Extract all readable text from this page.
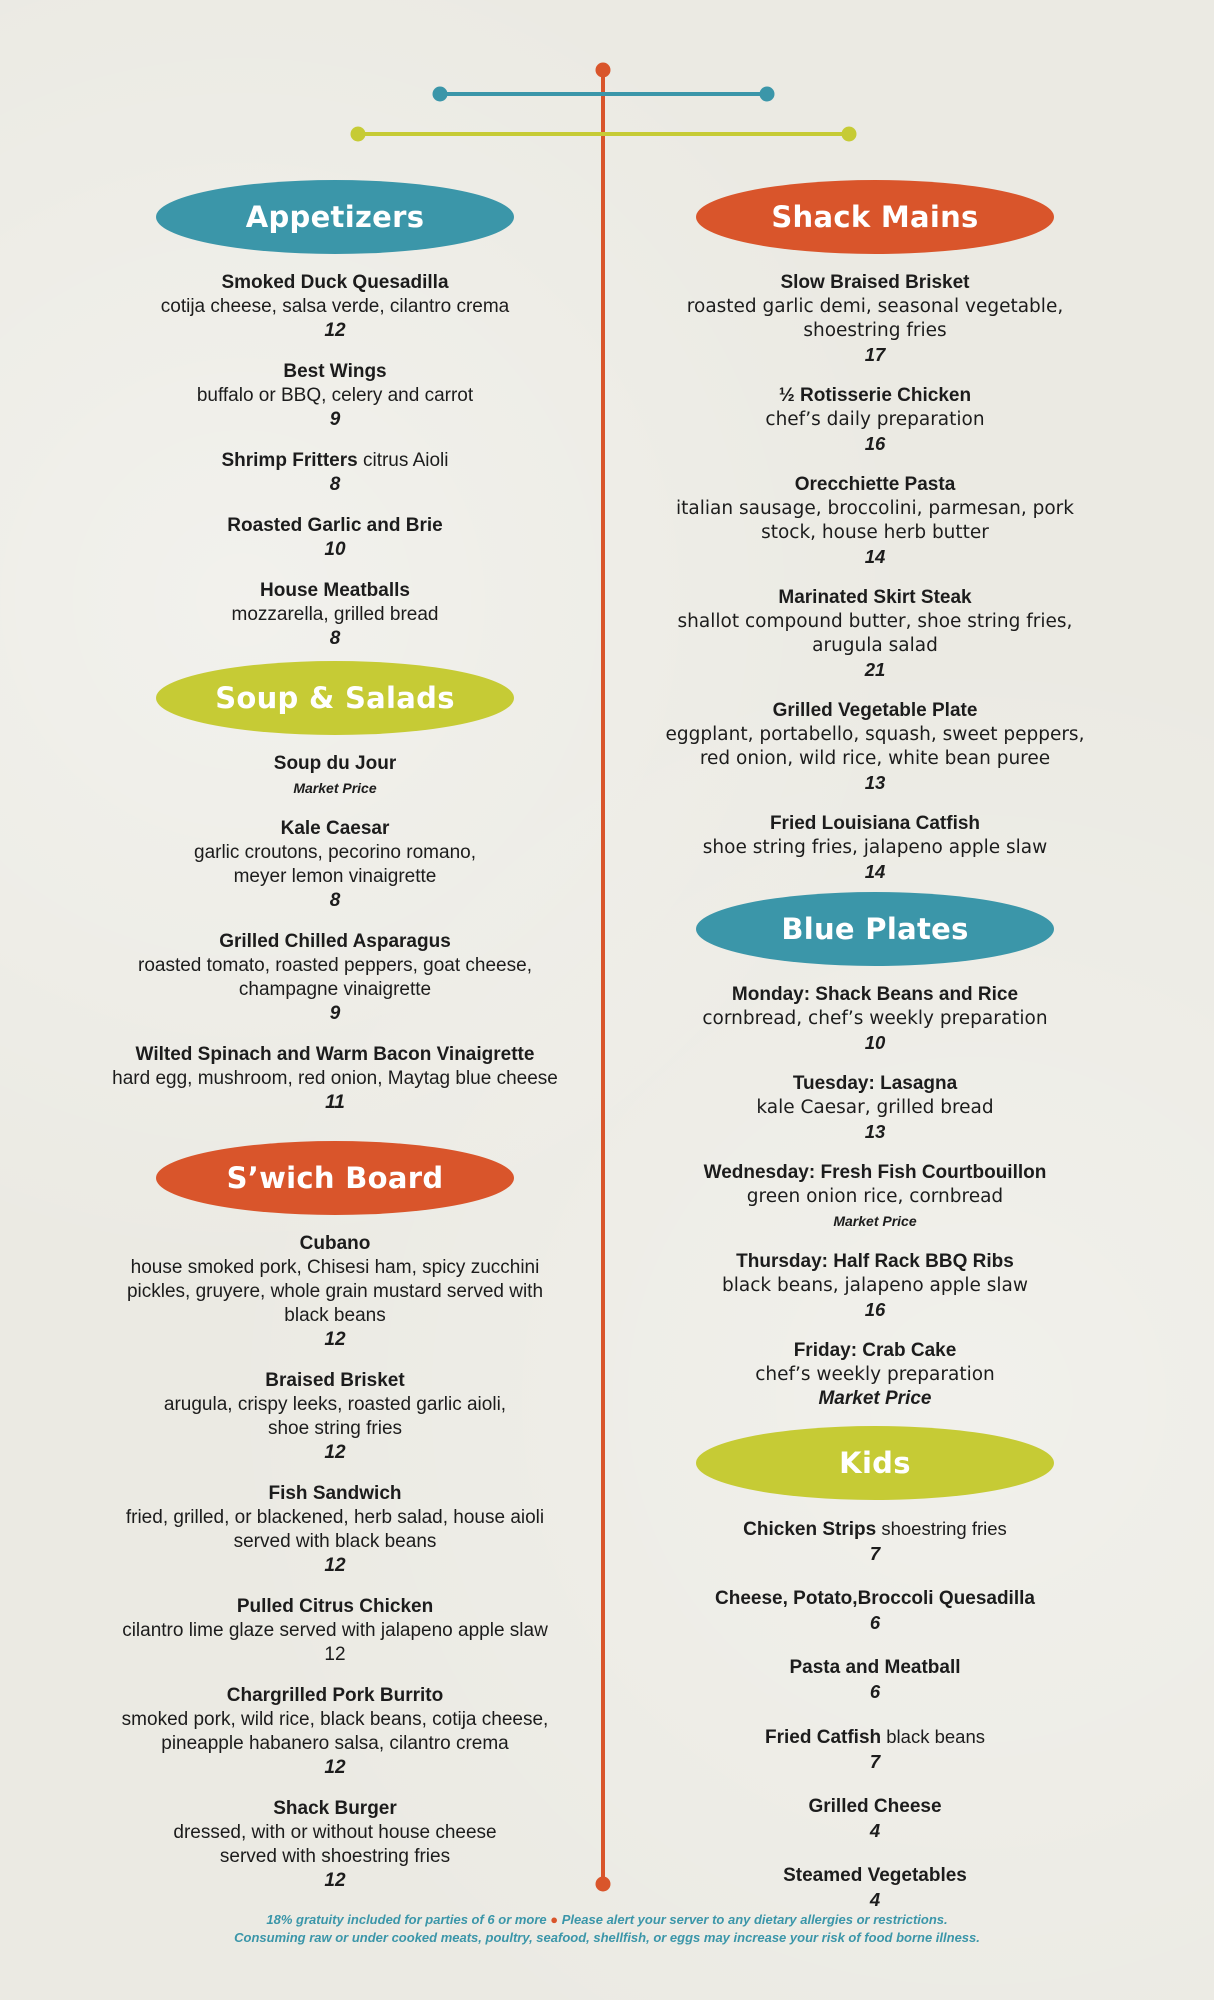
Appetizers
Smoked Duck Quesadilla
cotija cheese, salsa verde, cilantro crema
12
Best Wings
buffalo or BBQ, celery and carrot
9
Shrimp Fritters citrus Aioli
8
Roasted Garlic and Brie
10
House Meatballs
mozzarella, grilled bread
8
Soup & Salads
Soup du Jour
Market Price
Kale Caesar
garlic croutons, pecorino romano,
meyer lemon vinaigrette
8
Grilled Chilled Asparagus
roasted tomato, roasted peppers, goat cheese,
champagne vinaigrette
9
Wilted Spinach and Warm Bacon Vinaigrette
hard egg, mushroom, red onion, Maytag blue cheese
11
S’wich Board
Cubano
house smoked pork, Chisesi ham, spicy zucchini
pickles, gruyere, whole grain mustard served with
black beans
12
Braised Brisket
arugula, crispy leeks, roasted garlic aioli,
shoe string fries
12
Fish Sandwich
fried, grilled, or blackened, herb salad, house aioli
served with black beans
12
Pulled Citrus Chicken
cilantro lime glaze served with jalapeno apple slaw
12
Chargrilled Pork Burrito
smoked pork, wild rice, black beans, cotija cheese,
pineapple habanero salsa, cilantro crema
12
Shack Burger
dressed, with or without house cheese
served with shoestring fries
12
Shack Mains
Slow Braised Brisket
roasted garlic demi, seasonal vegetable,
shoestring fries
17
½ Rotisserie Chicken
chef’s daily preparation
16
Orecchiette Pasta
italian sausage, broccolini, parmesan, pork
stock, house herb butter
14
Marinated Skirt Steak
shallot compound butter, shoe string fries,
arugula salad
21
Grilled Vegetable Plate
eggplant, portabello, squash, sweet peppers,
red onion, wild rice, white bean puree
13
Fried Louisiana Catfish
shoe string fries, jalapeno apple slaw
14
Blue Plates
Monday: Shack Beans and Rice
cornbread, chef’s weekly preparation
10
Tuesday: Lasagna
kale Caesar, grilled bread
13
Wednesday: Fresh Fish Courtbouillon
green onion rice, cornbread
Market Price
Thursday: Half Rack BBQ Ribs
black beans, jalapeno apple slaw
16
Friday: Crab Cake
chef’s weekly preparation
Market Price
Kids
Chicken Strips shoestring fries
7
Cheese, Potato,Broccoli Quesadilla
6
Pasta and Meatball
6
Fried Catfish black beans
7
Grilled Cheese
4
Steamed Vegetables
4
18% gratuity included for parties of 6 or more ● Please alert your server to any dietary allergies or restrictions.
Consuming raw or under cooked meats, poultry, seafood, shellfish, or eggs may increase your risk of food borne illness.
